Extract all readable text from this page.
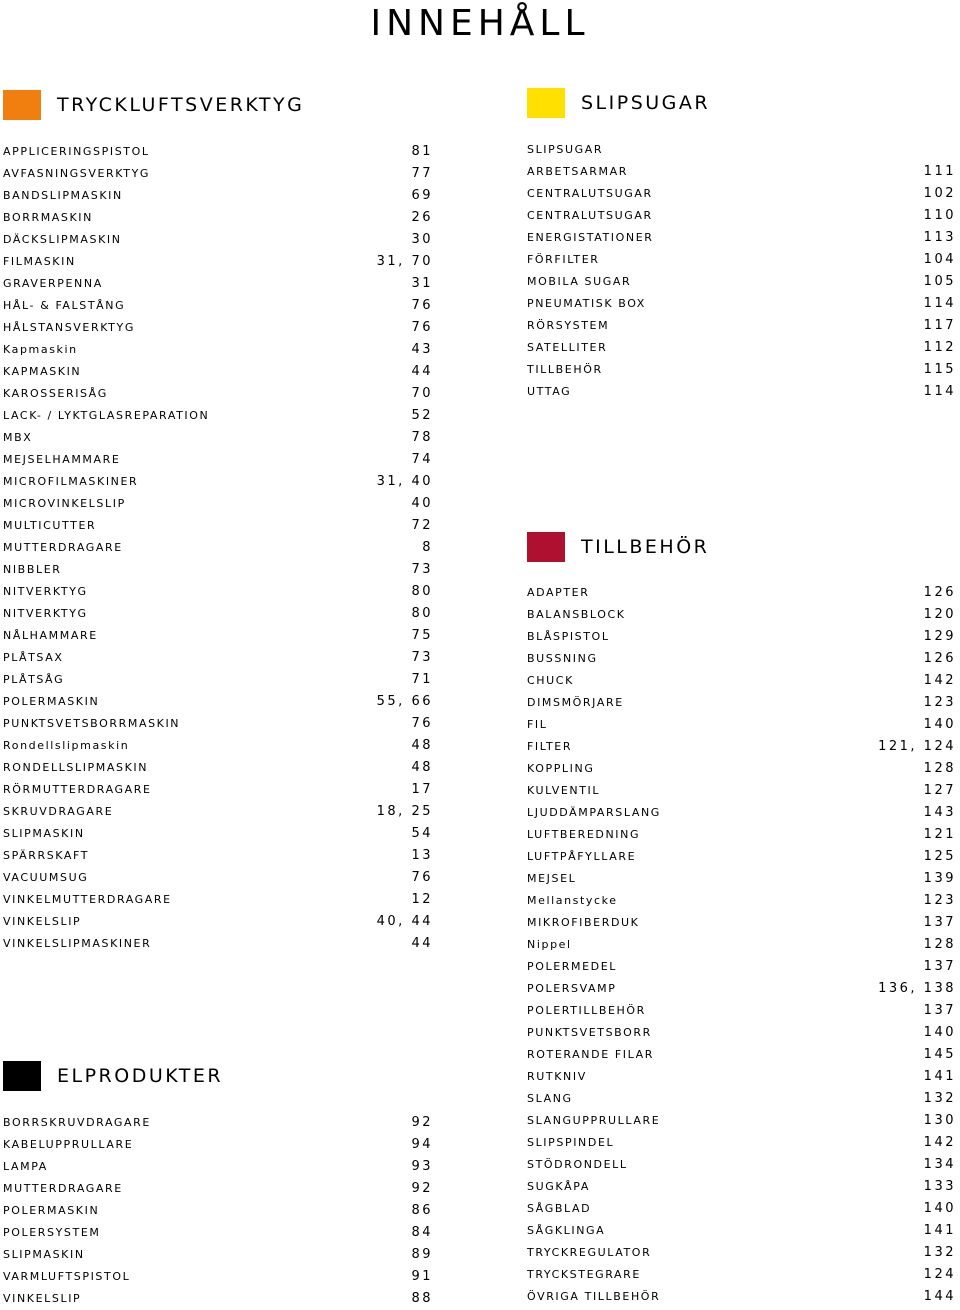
INNEHÅLL
TRYCKLUFTSVERKTYG
APPLICERINGSPISTOL	81
AVFASNINGSVERKTYG	77
BANDSLIPMASKIN	69
BORRMASKIN	26
DÄCKSLIPMASKIN	30
FILMASKIN	31, 70
GRAVERPENNA	31
HÅL- & FALSTÅNG	76
HÅLSTANSVERKTYG	76
Kapmaskin	43
KAPMASKIN	44
KAROSSERISÅG	70
LACK- / LYKTGLASREPARATION	52
MBX	78
MEJSELHAMMARE	74
MICROFILMASKINER	31, 40
MICROVINKELSLIP	40
MULTICUTTER	72
MUTTERDRAGARE	8
NIBBLER	73
NITVERKTYG	80
NITVERKTYG	80
NÅLHAMMARE	75
PLÅTSAX	73
PLÅTSÅG	71
POLERMASKIN	55, 66
PUNKTSVETSBORRMASKIN	76
Rondellslipmaskin	48
RONDELLSLIPMASKIN	48
RÖRMUTTERDRAGARE	17
SKRUVDRAGARE	18, 25
SLIPMASKIN	54
SPÄRRSKAFT	13
VACUUMSUG	76
VINKELMUTTERDRAGARE	12
VINKELSLIP	40, 44
VINKELSLIPMASKINER	44
ELPRODUKTER
BORRSKRUVDRAGARE	92
KABELUPPRULLARE	94
LAMPA	93
MUTTERDRAGARE	92
POLERMASKIN	86
POLERSYSTEM	84
SLIPMASKIN	89
VARMLUFTSPISTOL	91
VINKELSLIP	88
SLIPSUGAR
SLIPSUGAR
ARBETSARMAR	111
CENTRALUTSUGAR	102
CENTRALUTSUGAR	110
ENERGISTATIONER	113
FÖRFILTER	104
MOBILA SUGAR	105
PNEUMATISK BOX	114
RÖRSYSTEM	117
SATELLITER	112
TILLBEHÖR	115
UTTAG	114
TILLBEHÖR
ADAPTER	126
BALANSBLOCK	120
BLÅSPISTOL	129
BUSSNING	126
CHUCK	142
DIMSMÖRJARE	123
FIL	140
FILTER	121, 124
KOPPLING	128
KULVENTIL	127
LJUDDÄMPARSLANG	143
LUFTBEREDNING	121
LUFTPÅFYLLARE	125
MEJSEL	139
Mellanstycke	123
MIKROFIBERDUK	137
Nippel	128
POLERMEDEL	137
POLERSVAMP	136, 138
POLERTILLBEHÖR	137
PUNKTSVETSBORR	140
ROTERANDE FILAR	145
RUTKNIV	141
SLANG	132
SLANGUPPRULLARE	130
SLIPSPINDEL	142
STÖDRONDELL	134
SUGKÅPA	133
SÅGBLAD	140
SÅGKLINGA	141
TRYCKREGULATOR	132
TRYCKSTEGRARE	124
ÖVRIGA TILLBEHÖR	144
